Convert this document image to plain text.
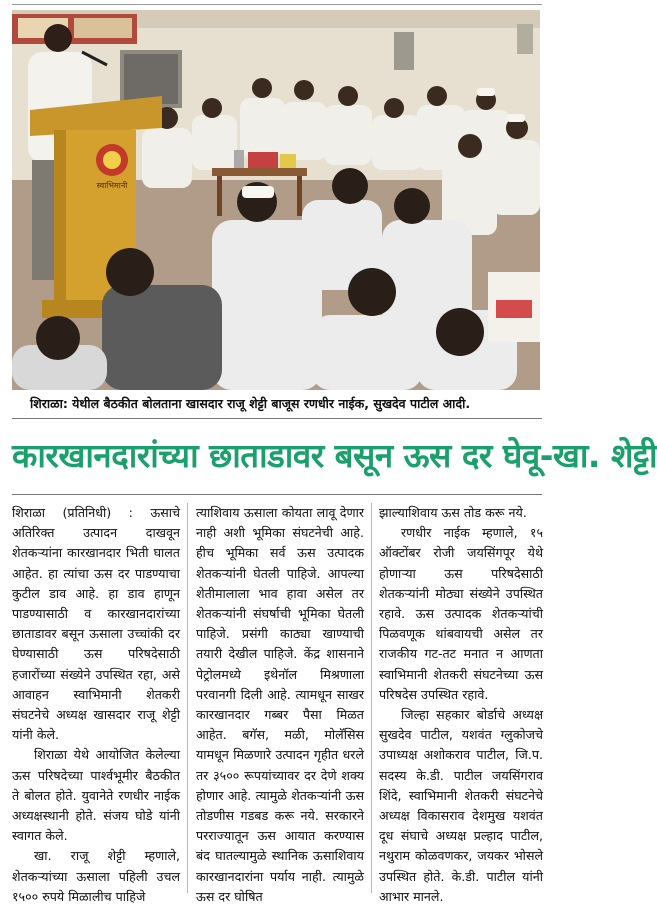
स्वाभिमानी
शिराळा: येथील बैठकीत बोलताना खासदार राजू शेट्टी बाजूस रणधीर नाईक, सुखदेव पाटील आदी.
कारखानदारांच्या छाताडावर बसून ऊस दर घेवू-खा. शेट्टी

शिराळा (प्रतिनिधी) : ऊसाचे अतिरिक्त उत्पादन दाखवून शेतकऱ्यांना कारखानदार भिती घालत आहेत. हा त्यांचा ऊस दर पाडण्याचा कुटील डाव आहे. हा डाव हाणून पाडण्यासाठी व कारखानदारांच्या छाताडावर बसून ऊसाला उच्चांकी दर घेण्यासाठी ऊस परिषदेसाठी हजारोंच्या संख्येने उपस्थित रहा, असे आवाहन स्वाभिमानी शेतकरी संघटनेचे अध्यक्ष खासदार राजू शेट्टी यांनी केले.

शिराळा येथे आयोजित केलेल्या ऊस परिषदेच्या पार्श्वभूमीर बैठकीत ते बोलत होते. युवानेते रणधीर नाईक अध्यक्षस्थानी होते. संजय घोडे यांनी स्वागत केले.

खा. राजू शेट्टी म्हणाले, शेतकऱ्यांच्या ऊसाला पहिली उचल १५०० रुपये मिळालीच पाहिजे

त्याशिवाय ऊसाला कोयता लावू देणार नाही अशी भूमिका संघटनेची आहे. हीच भूमिका सर्व ऊस उत्पादक शेतकऱ्यांनी घेतली पाहिजे. आपल्या शेतीमालाला भाव हावा असेल तर शेतकऱ्यांनी संघर्षाची भूमिका घेतली पाहिजे. प्रसंगी काठ्या खाण्याची तयारी देखील पाहिजे. केंद्र शासनाने पेट्रोलमध्ये इथेनॉल मिश्रणाला परवानगी दिली आहे. त्यामधून साखर कारखानदार गब्बर पैसा मिळत आहेत. बगॅस, मळी, मोलॅसिस यामधून मिळणारे उत्पादन गृहीत धरले तर ३५०० रूपयांच्यावर दर देणे शक्य होणार आहे. त्यामुळे शेतकऱ्यांनी ऊस तोडणीस गडबड करू नये. सरकारने परराज्यातून ऊस आयात करण्यास बंद घातल्यामुळे स्थानिक ऊसाशिवाय कारखानदारांना पर्याय नाही. त्यामुळे ऊस दर घोषित

झाल्याशिवाय ऊस तोड करू नये.

रणधीर नाईक म्हणाले, १५ ऑक्टोंबर रोजी जयसिंगपूर येथे होणाऱ्या ऊस परिषदेसाठी शेतकऱ्यांनी मोठ्या संख्येने उपस्थित रहावे. ऊस उत्पादक शेतकऱ्यांची पिळवणूक थांबवायची असेल तर राजकीय गट-तट मनात न आणता स्वाभिमानी शेतकरी संघटनेच्या ऊस परिषदेस उपस्थित रहावे.

जिल्हा सहकार बोर्डाचे अध्यक्ष सुखदेव पाटील, यशवंत ग्लुकोजचे उपाध्यक्ष अशोकराव पाटील, जि.प. सदस्य के.डी. पाटील जयसिंगराव शिंदे, स्वाभिमानी शेतकरी संघटनेचे अध्यक्ष विकासराव देशमुख यशवंत दूध संघाचे अध्यक्ष प्रल्हाद पाटील, नथुराम कोळवणकर, जयकर भोसले उपस्थित होते. के.डी. पाटील यांनी आभार मानले.
